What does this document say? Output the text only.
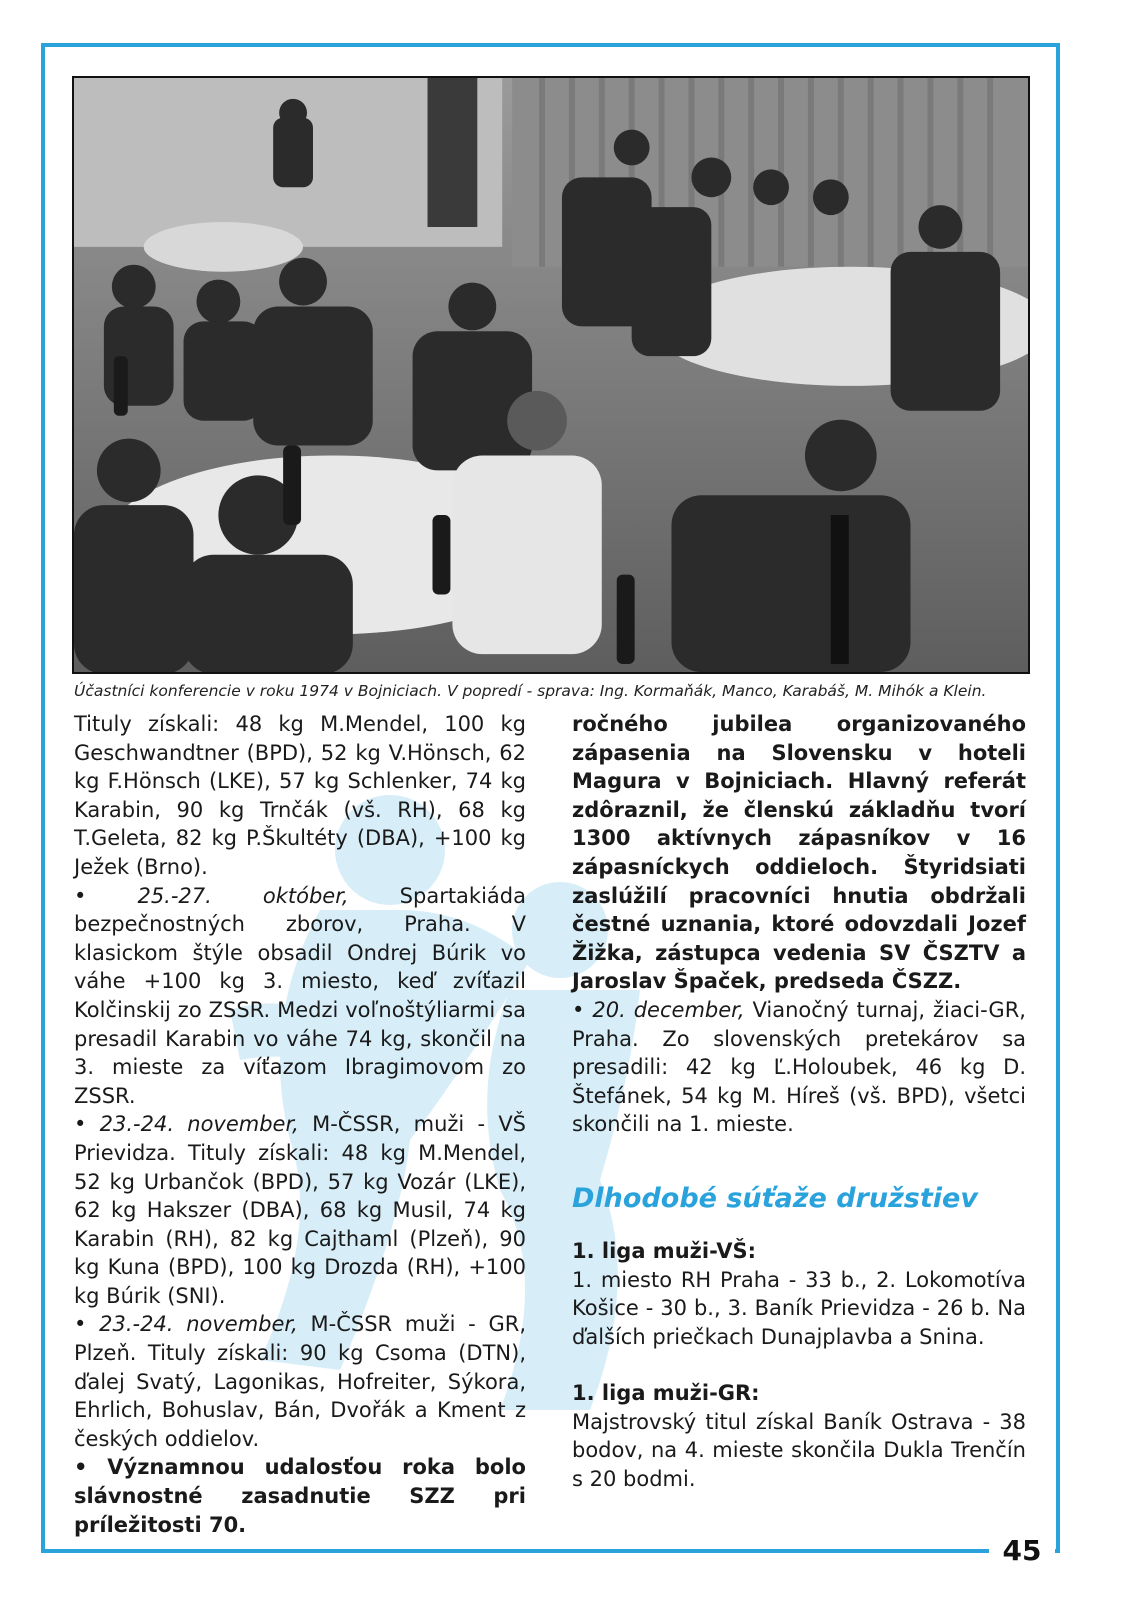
Účastníci konferencie v roku 1974 v Bojniciach. V popredí - sprava: Ing. Kormaňák, Manco, Karabáš, M. Mihók a Klein.

Tituly získali: 48 kg M.Mendel, 100 kg Geschwandtner (BPD), 52 kg V.Hönsch, 62 kg F.Hönsch (LKE), 57 kg Schlenker, 74 kg Karabin, 90 kg Trnčák (vš. RH), 68 kg T.Geleta, 82 kg P.Škultéty (DBA), +100 kg Ježek (Brno).

• 25.-27. október, Spartakiáda bezpečnostných zborov, Praha. V klasickom štýle obsadil Ondrej Búrik vo váhe +100 kg 3. miesto, keď zvíťazil Kolčinskij zo ZSSR. Medzi voľnoštýliarmi sa presadil Karabin vo váhe 74 kg, skončil na 3. mieste za víťazom Ibragimovom zo ZSSR.

• 23.-24. november, M-ČSSR, muži - VŠ Prievidza. Tituly získali: 48 kg M.Mendel, 52 kg Urbančok (BPD), 57 kg Vozár (LKE), 62 kg Hakszer (DBA), 68 kg Musil, 74 kg Karabin (RH), 82 kg Cajthaml (Plzeň), 90 kg Kuna (BPD), 100 kg Drozda (RH), +100 kg Búrik (SNI).

• 23.-24. november, M-ČSSR muži - GR, Plzeň. Tituly získali: 90 kg Csoma (DTN), ďalej Svatý, Lagonikas, Hofreiter, Sýkora, Ehrlich, Bohuslav, Bán, Dvořák a Kment z českých oddielov.

• Významnou udalosťou roka bolo slávnostné zasadnutie SZZ pri príležitosti 70.

ročného jubilea organizovaného zápasenia na Slovensku v hoteli Magura v Bojniciach. Hlavný referát zdôraznil, že členskú základňu tvorí 1300 aktívnych zápasníkov v 16 zápasníckych oddieloch. Štyridsiati zaslúžilí pracovníci hnutia obdržali čestné uznania, ktoré odovzdali Jozef Žižka, zástupca vedenia SV ČSZTV a Jaroslav Špaček, predseda ČSZZ.

• 20. december, Vianočný turnaj, žiaci-GR, Praha. Zo slovenských pretekárov sa presadili: 42 kg Ľ.Holoubek, 46 kg D. Štefánek, 54 kg M. Híreš (vš. BPD), všetci skončili na 1. mieste.

Dlhodobé súťaže družstiev

1. liga muži-VŠ:

1. miesto RH Praha - 33 b., 2. Lokomotíva Košice - 30 b., 3. Baník Prievidza - 26 b. Na ďalších priečkach Dunajplavba a Snina.

1. liga muži-GR:

Majstrovský titul získal Baník Ostrava - 38 bodov, na 4. mieste skončila Dukla Trenčín s 20 bodmi.

45
